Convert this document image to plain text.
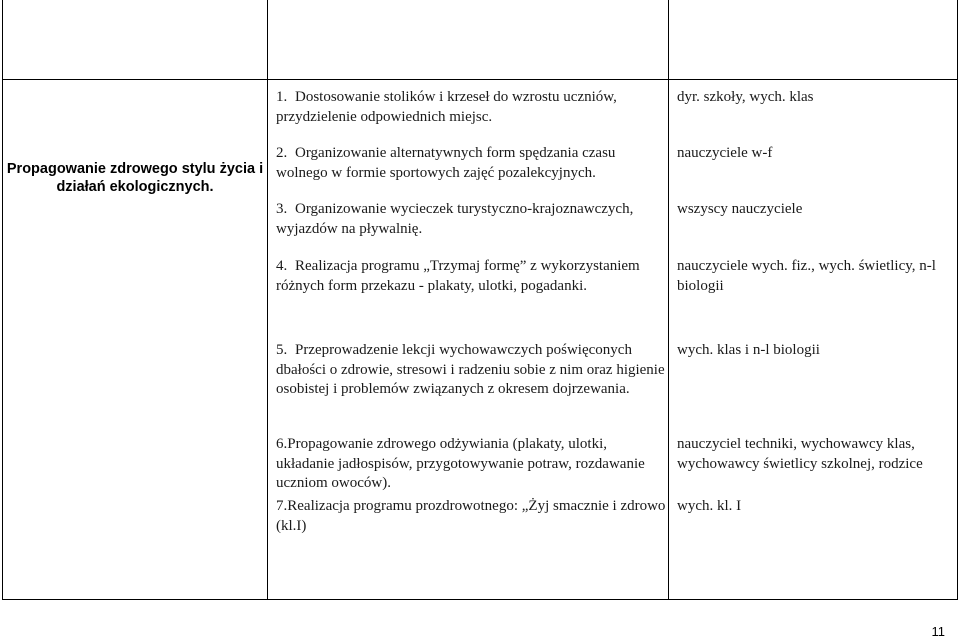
Propagowanie zdrowego stylu życia i działań ekologicznych.
1. Dostosowanie stolików i krzeseł do wzrostu uczniów, przydzielenie odpowiednich miejsc.
dyr. szkoły, wych. klas
2. Organizowanie alternatywnych form spędzania czasu wolnego w formie sportowych zajęć pozalekcyjnych.
nauczyciele w-f
3. Organizowanie wycieczek turystyczno-krajoznawczych, wyjazdów na pływalnię.
wszyscy nauczyciele
4. Realizacja programu „Trzymaj formę” z wykorzystaniem różnych form przekazu - plakaty, ulotki, pogadanki.
nauczyciele wych. fiz., wych. świetlicy, n-l biologii
5. Przeprowadzenie lekcji wychowawczych poświęconych dbałości o zdrowie, stresowi i radzeniu sobie z nim oraz higienie osobistej i problemów związanych z okresem dojrzewania.
wych. klas i n-l biologii
6.Propagowanie zdrowego odżywiania (plakaty, ulotki, układanie jadłospisów, przygotowywanie potraw, rozdawanie uczniom owoców).
nauczyciel techniki, wychowawcy klas, wychowawcy świetlicy szkolnej, rodzice
7.Realizacja programu prozdrowotnego: „Żyj smacznie i zdrowo (kl.I)
wych. kl. I
11
